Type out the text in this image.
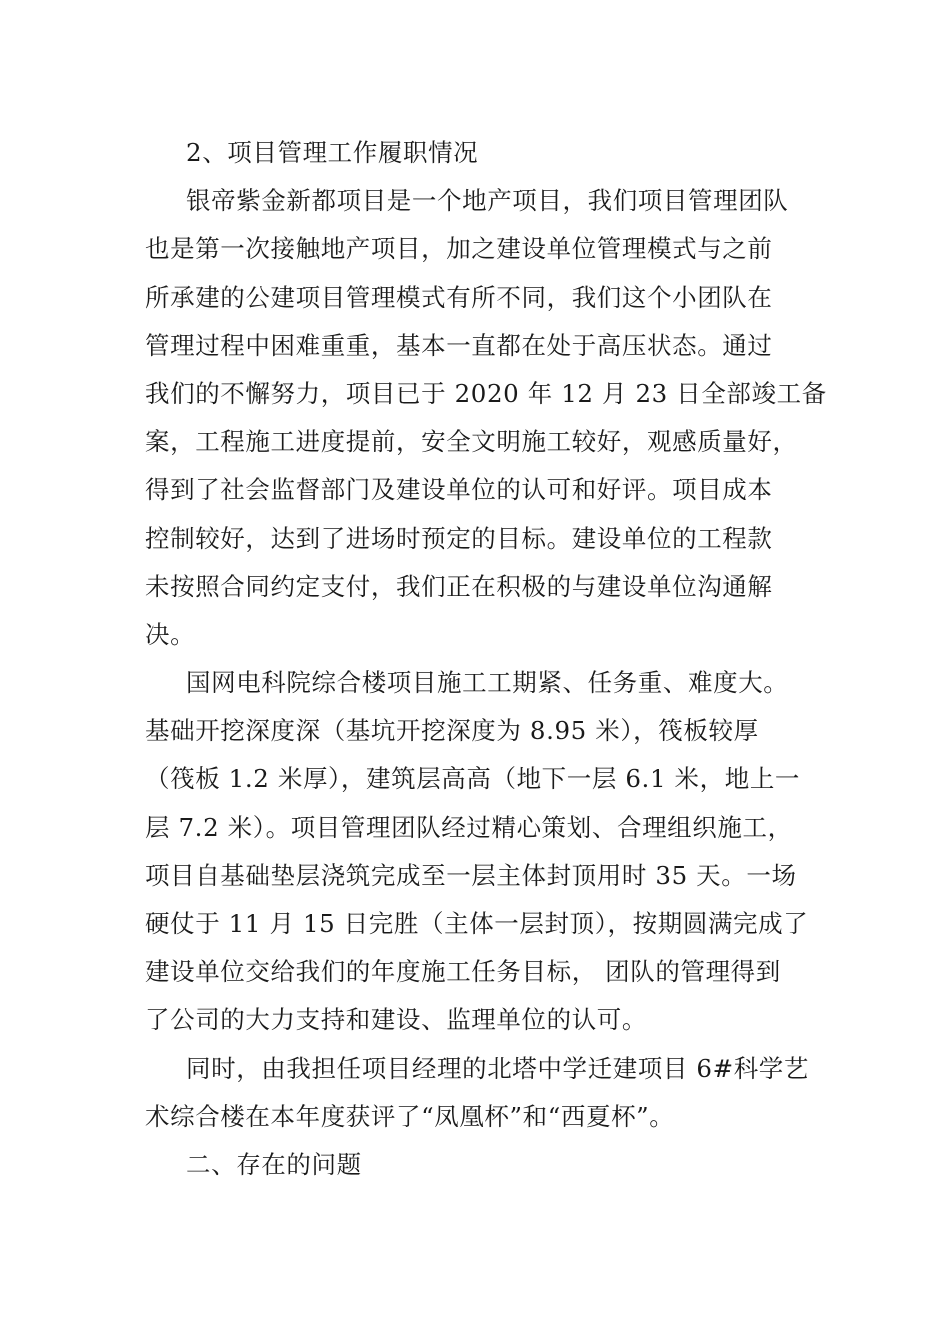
2、项目管理工作履职情况
银帝紫金新都项目是一个地产项目，我们项目管理团队
也是第一次接触地产项目，加之建设单位管理模式与之前
所承建的公建项目管理模式有所不同，我们这个小团队在
管理过程中困难重重，基本一直都在处于高压状态。通过
我们的不懈努力，项目已于 2020 年 12 月 23 日全部竣工备
案，工程施工进度提前，安全文明施工较好，观感质量好，
得到了社会监督部门及建设单位的认可和好评。项目成本
控制较好，达到了进场时预定的目标。建设单位的工程款
未按照合同约定支付，我们正在积极的与建设单位沟通解
决。
国网电科院综合楼项目施工工期紧、任务重、难度大。
基础开挖深度深（基坑开挖深度为 8.95 米），筏板较厚
（筏板 1.2 米厚），建筑层高高（地下一层 6.1 米，地上一
层 7.2 米）。项目管理团队经过精心策划、合理组织施工，
项目自基础垫层浇筑完成至一层主体封顶用时 35 天。一场
硬仗于 11 月 15 日完胜（主体一层封顶），按期圆满完成了
建设单位交给我们的年度施工任务目标， 团队的管理得到
了公司的大力支持和建设、监理单位的认可。
同时，由我担任项目经理的北塔中学迁建项目 6#科学艺
术综合楼在本年度获评了“凤凰杯”和“西夏杯”。
二、存在的问题
